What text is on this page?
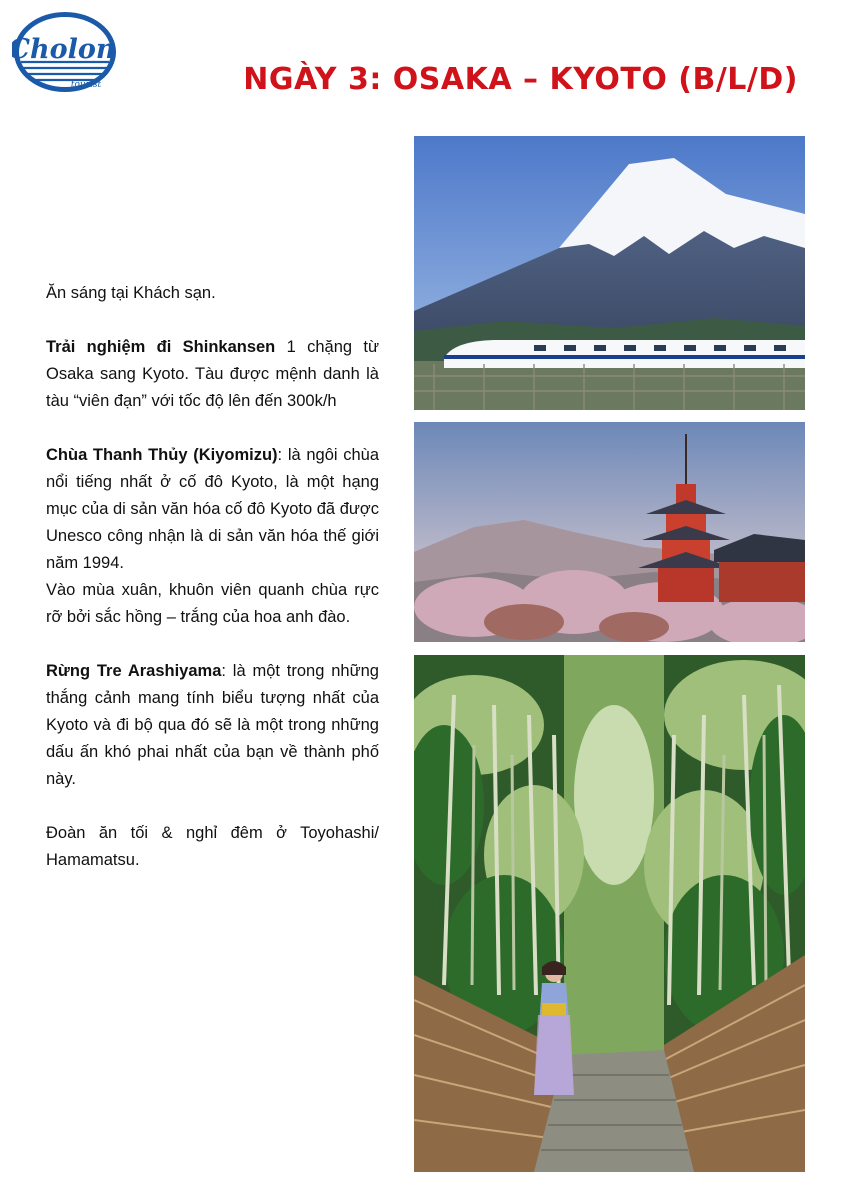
Cholon
tourist	NGÀY 3: OSAKA – KYOTO (B/L/D)

Ăn sáng tại Khách sạn.

Trải nghiệm đi Shinkansen 1 chặng từ Osaka sang Kyoto. Tàu được mệnh danh là tàu “viên đạn” với tốc độ lên đến 300k/h

Chùa Thanh Thủy (Kiyomizu): là ngôi chùa nổi tiếng nhất ở cố đô Kyoto, là một hạng mục của di sản văn hóa cố đô Kyoto đã được Unesco công nhận là di sản văn hóa thế giới năm 1994.

Vào mùa xuân, khuôn viên quanh chùa rực rỡ bởi sắc hồng – trắng của hoa anh đào.

Rừng Tre Arashiyama: là một trong những thắng cảnh mang tính biểu tượng nhất của Kyoto và đi bộ qua đó sẽ là một trong những dấu ấn khó phai nhất của bạn về thành phố này.

Đoàn ăn tối & nghỉ đêm ở Toyohashi/ Hamamatsu.
